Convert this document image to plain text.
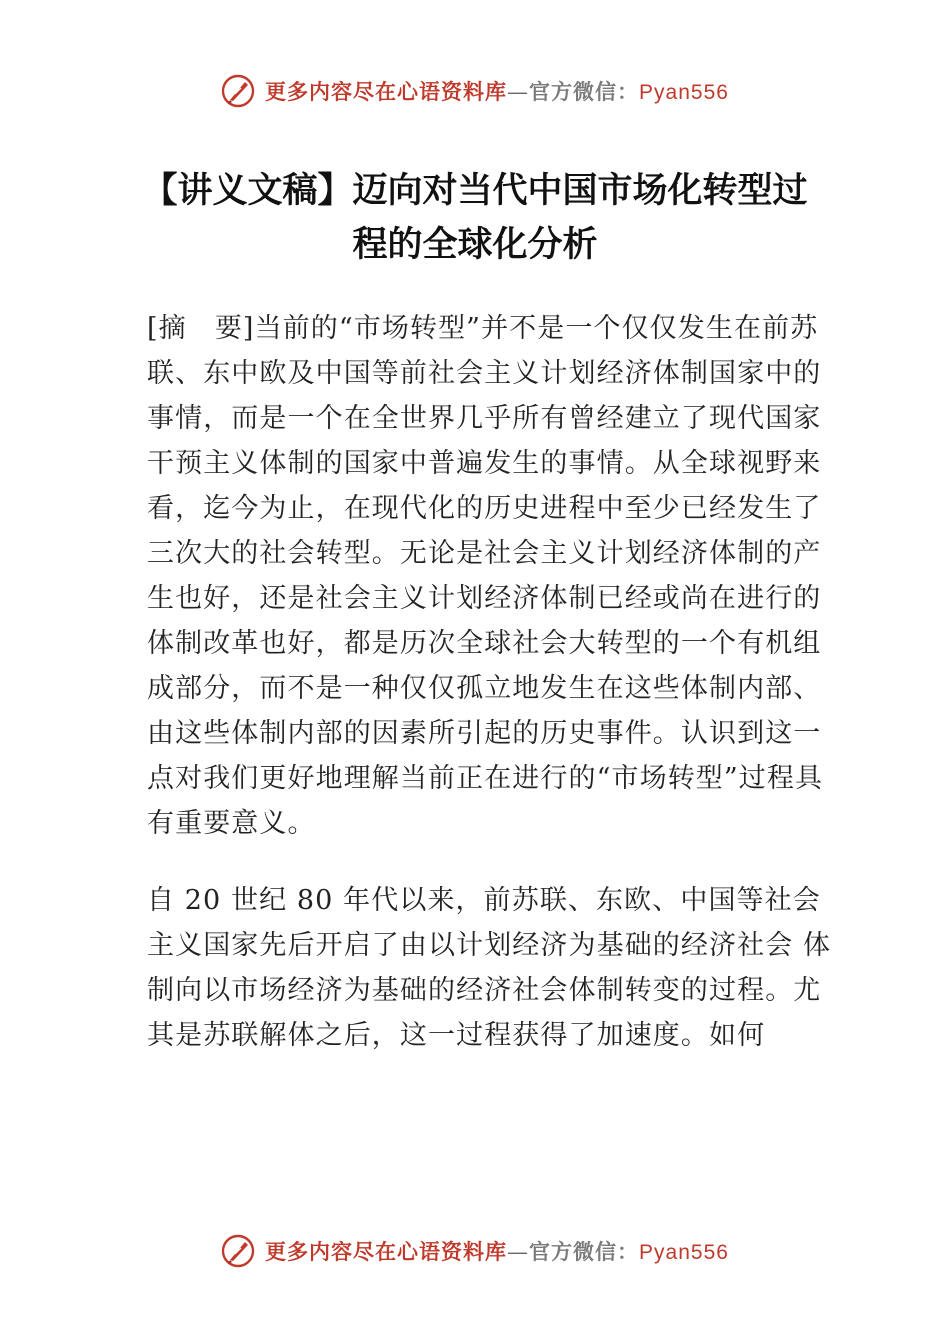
更多内容尽在心语资料库—官方微信：Pyan556
【讲义文稿】迈向对当代中国市场化转型过程的全球化分析

[摘　要]当前的“市场转型”并不是一个仅仅发生在前苏联、东中欧及中国等前社会主义计划经济体制国家中的事情，而是一个在全世界几乎所有曾经建立了现代国家干预主义体制的国家中普遍发生的事情。从全球视野来看，迄今为止，在现代化的历史进程中至少已经发生了三次大的社会转型。无论是社会主义计划经济体制的产生也好，还是社会主义计划经济体制已经或尚在进行的体制改革也好，都是历次全球社会大转型的一个有机组成部分，而不是一种仅仅孤立地发生在这些体制内部、由这些体制内部的因素所引起的历史事件。认识到这一点对我们更好地理解当前正在进行的“市场转型”过程具有重要意义。

自 20 世纪 80 年代以来，前苏联、东欧、中国等社会主义国家先后开启了由以计划经济为基础的经济社会 体制向以市场经济为基础的经济社会体制转变的过程。尤其是苏联解体之后，这一过程获得了加速度。如何

更多内容尽在心语资料库—官方微信：Pyan556
